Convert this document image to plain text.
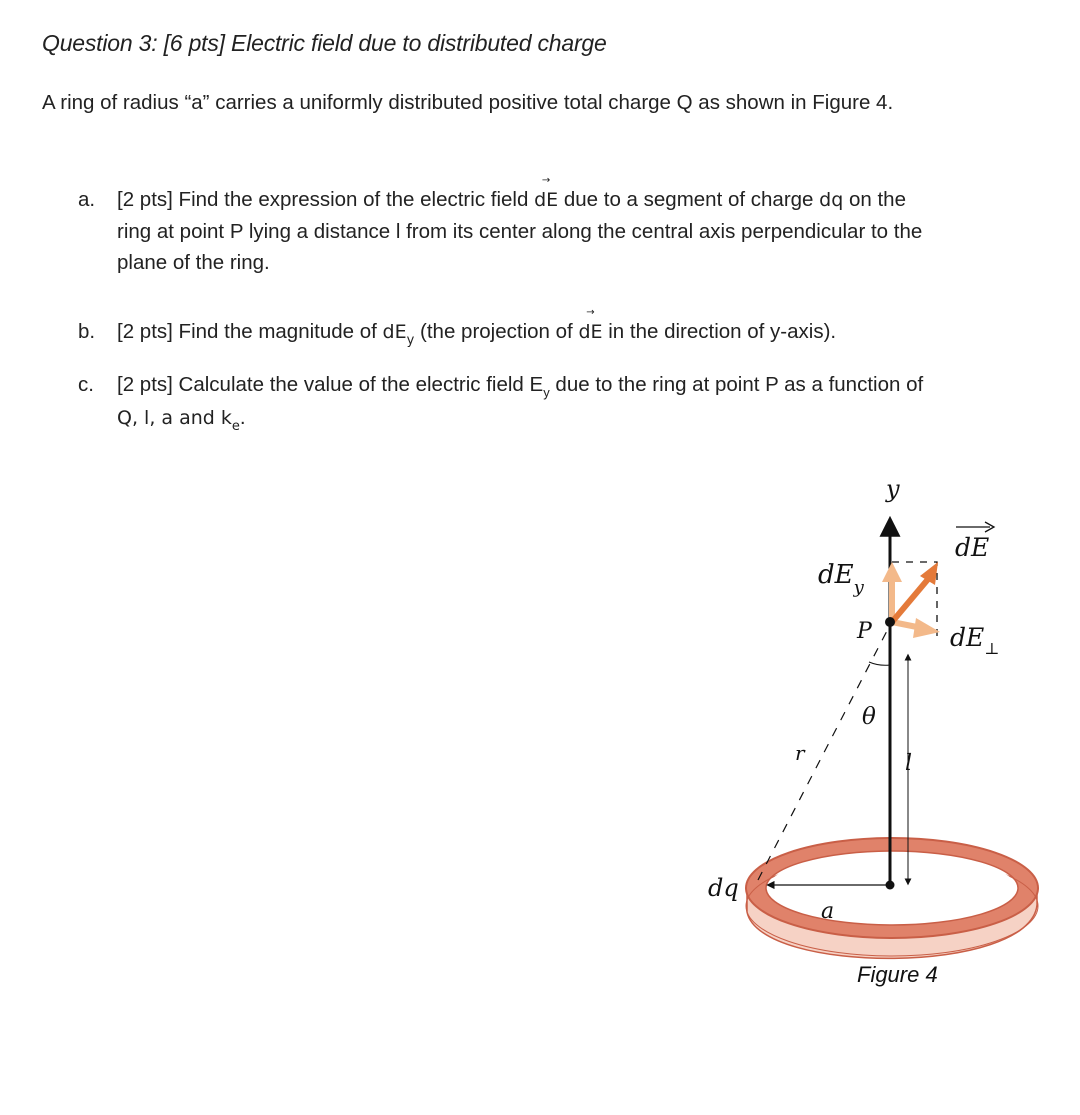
Question 3: [6 pts] Electric field due to distributed charge
A ring of radius “a” carries a uniformly distributed positive total charge Q as shown in Figure 4.
a.	[2 pts] Find the expression of the electric field
→
dE due to a segment of charge dq on the ring at point P lying a distance l from its center along the central axis perpendicular to the plane of the ring.
b.	[2 pts] Find the magnitude of $dE_y$ (the projection of
→
dE in the direction of y-axis).
c.	[2 pts] Calculate the value of the electric field $E_y$ due to the ring at point P as a function of Q, l, a and $k_e$.
y
dE
$dE_y$
P	$dE_\perp$
θ
r	l
dq
a
Figure 4
